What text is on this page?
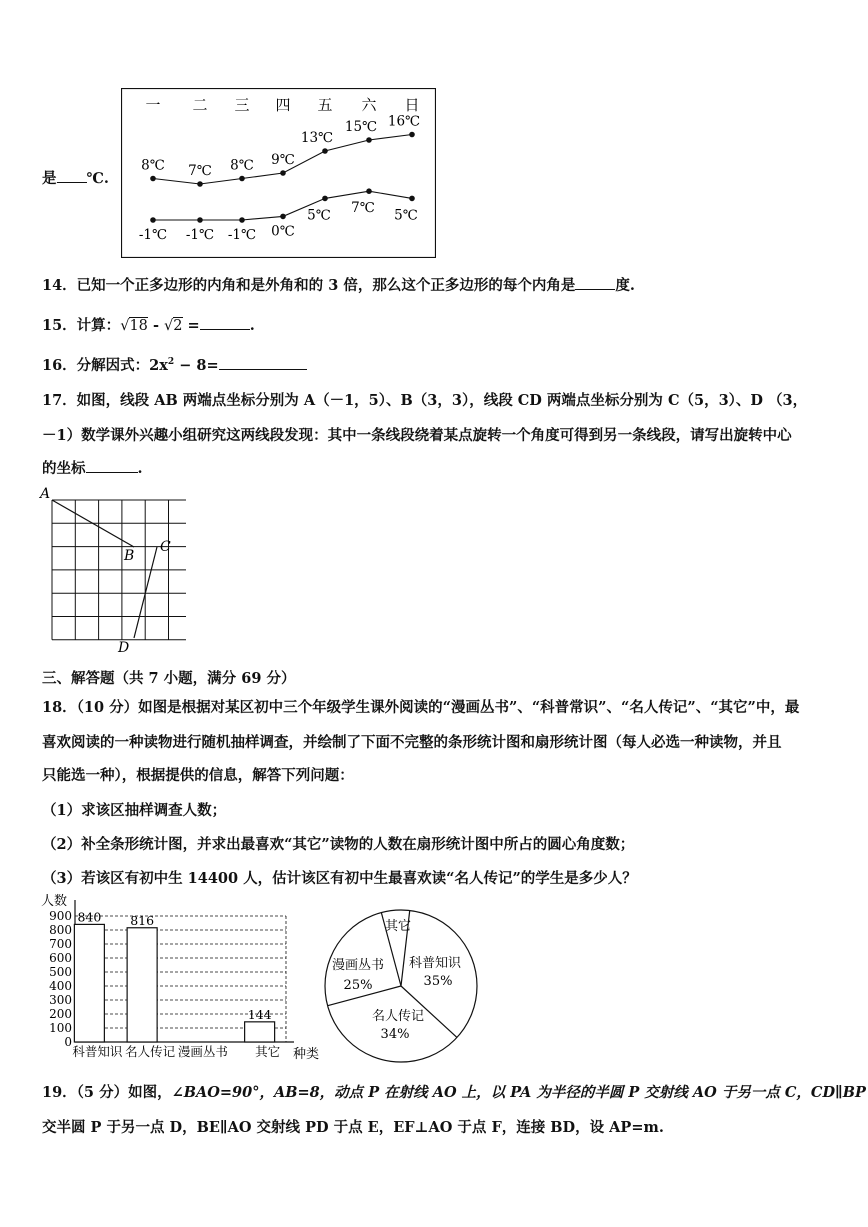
是 ℃.
一 二 三 四 五 六 日
8℃ 7℃ 8℃ 9℃
13℃
15℃ 16℃
-1℃ -1℃ -1℃ 0℃
5℃ 7℃ 5℃
14．已知一个正多边形的内角和是外角和的 3 倍，那么这个正多边形的每个内角是	度.
15．计算：√18 - √2 =	.
16．分解因式：$2x^2 - 8=$
17．如图，线段 AB 两端点坐标分别为 A（－1，5）、B（3，3），线段 CD 两端点坐标分别为 C（5，3）、D （3，
－1）数学课外兴趣小组研究这两线段发现：其中一条线段绕着某点旋转一个角度可得到另一条线段，请写出旋转中心
的坐标	.
A
B
C
D
三、解答题（共 7 小题，满分 69 分）
18．（10 分）如图是根据对某区初中三个年级学生课外阅读的“漫画丛书”、“科普常识”、“名人传记”、“其它”中，最
喜欢阅读的一种读物进行随机抽样调查，并绘制了下面不完整的条形统计图和扇形统计图（每人必选一种读物，并且
只能选一种），根据提供的信息，解答下列问题：
（1）求该区抽样调查人数；
（2）补全条形统计图，并求出最喜欢“其它”读物的人数在扇形统计图中所占的圆心角度数；
（3）若该区有初中生 14400 人，估计该区有初中生最喜欢读“名人传记”的学生是多少人？
人数
种类
0
100
200
300
400
500
600
700
800
900 840
科普知识
816
名人传记 漫画丛书
144
其它
其它
科普知识
35%
名人传记
34%
漫画丛书
25%
19．（5 分）如图，∠BAO=90°，AB=8，动点 P 在射线 AO 上，以 PA 为半径的半圆 P 交射线 AO 于另一点 C，CD∥BP
交半圆 P 于另一点 D，BE∥AO 交射线 PD 于点 E，EF⊥AO 于点 F，连接 BD，设 AP=m.
